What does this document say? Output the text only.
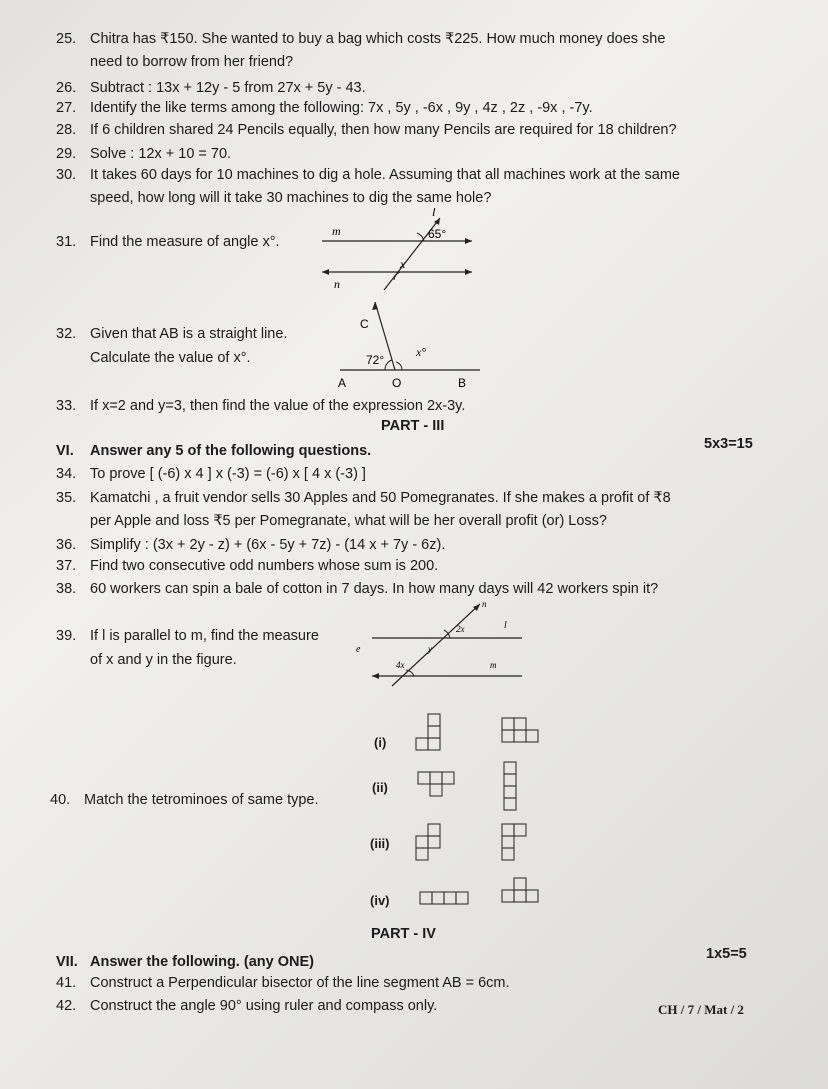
25. Chitra has ₹150. She wanted to buy a bag which costs ₹225. How much money does she
need to borrow from her friend?
26. Subtract : 13x + 12y - 5 from 27x + 5y - 43.
27. Identify the like terms among the following: 7x , 5y , -6x , 9y , 4z , 2z , -9x , -7y.
28. If 6 children shared 24 Pencils equally, then how many Pencils are required for 18 children?
29. Solve : 12x + 10 = 70.
30. It takes 60 days for 10 machines to dig a hole. Assuming that all machines work at the same
speed, how long will it take 30 machines to dig the same hole?
31. Find the measure of angle x°.
32. Given that AB is a straight line.
Calculate the value of x°.
33. If x=2 and y=3, then find the value of the expression 2x-3y.
l
m
n
65°
x
C
A	O	B
72°
x°
PART - III
VI. Answer any 5 of the following questions.	5x3=15
34. To prove [ (-6) x 4 ] x (-3) = (-6) x [ 4 x (-3) ]
35. Kamatchi , a fruit vendor sells 30 Apples and 50 Pomegranates. If she makes a profit of ₹8
per Apple and loss ₹5 per Pomegranate, what will be her overall profit (or) Loss?
36. Simplify : (3x + 2y - z) + (6x - 5y + 7z) - (14 x + 7y - 6z).
37. Find two consecutive odd numbers whose sum is 200.
38. 60 workers can spin a bale of cotton in 7 days. In how many days will 42 workers spin it?
39. If l is parallel to m, find the measure
of x and y in the figure.
n
l
m
e
2x
y
4x
40. Match the tetrominoes of same type.
(i)
(ii)
(iii)
(iv)
PART - IV
VII. Answer the following. (any ONE)	1x5=5
41. Construct a Perpendicular bisector of the line segment AB = 6cm.
42. Construct the angle 90° using ruler and compass only.	CH / 7 / Mat / 2
